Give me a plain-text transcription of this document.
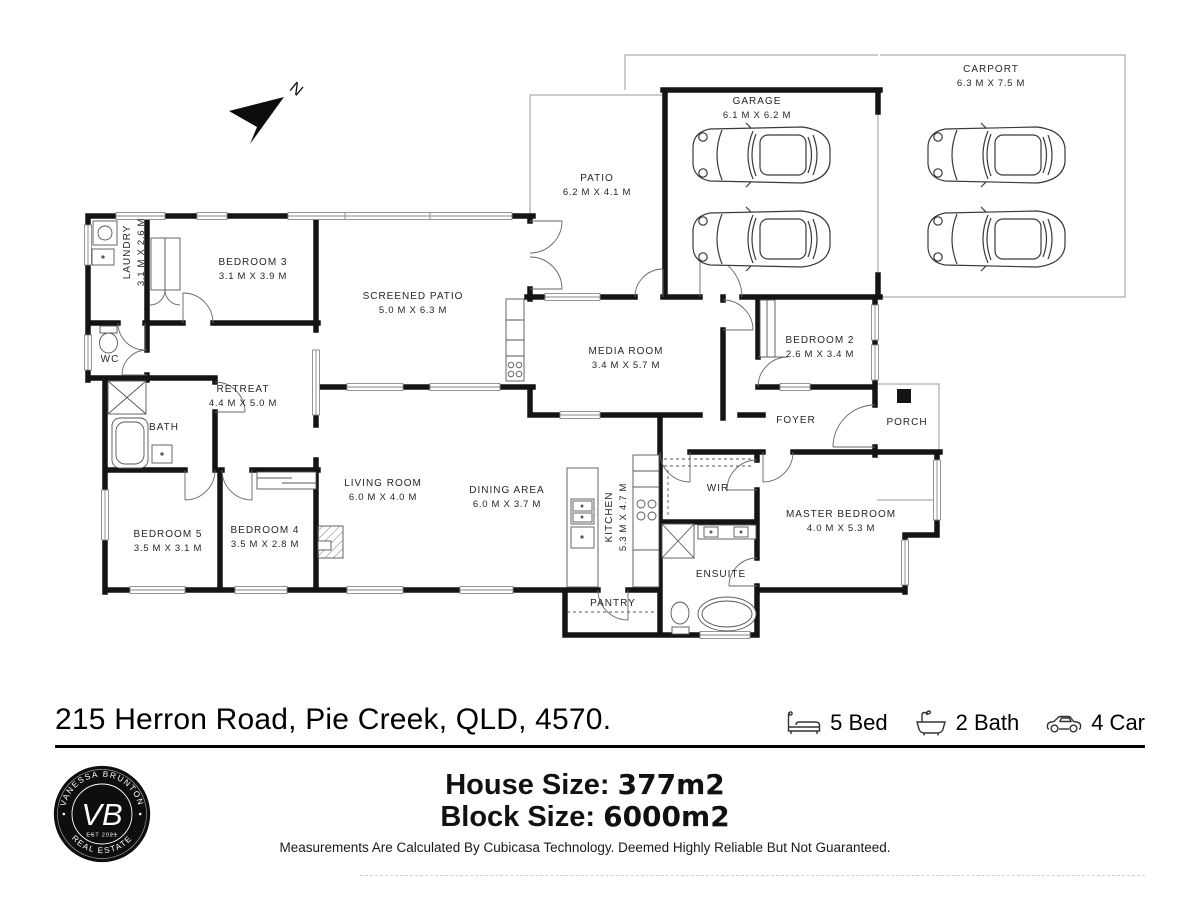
N
LAUNDRY 3.1 M X 2.6 M	BEDROOM 3
3.1 M X 3.9 M
SCREENED PATIO
5.0 M X 6.3 M
PATIO
6.2 M X 4.1 M
GARAGE
6.1 M X 6.2 M
CARPORT
6.3 M X 7.5 M
MEDIA ROOM
3.4 M X 5.7 M
BEDROOM 2
2.6 M X 3.4 M
WC
RETREAT
4.4 M X 5.0 M
BATH
FOYER	PORCH
BEDROOM 5
3.5 M X 3.1 M
BEDROOM 4
3.5 M X 2.8 M
LIVING ROOM
6.0 M X 4.0 M
DINING AREA
6.0 M X 3.7 M	KITCHEN 5.3 M X 4.7 M	WIR
MASTER BEDROOM
4.0 M X 5.3 M
ENSUITE
PANTRY
215 Herron Road, Pie Creek, QLD, 4570.	5 Bed	2 Bath	4 Car
VANESSA BRUNTON
REAL ESTATE
VB
EST 2021
House Size: 377m2
Block Size: 6000m2
Measurements Are Calculated By Cubicasa Technology. Deemed Highly Reliable But Not Guaranteed.
